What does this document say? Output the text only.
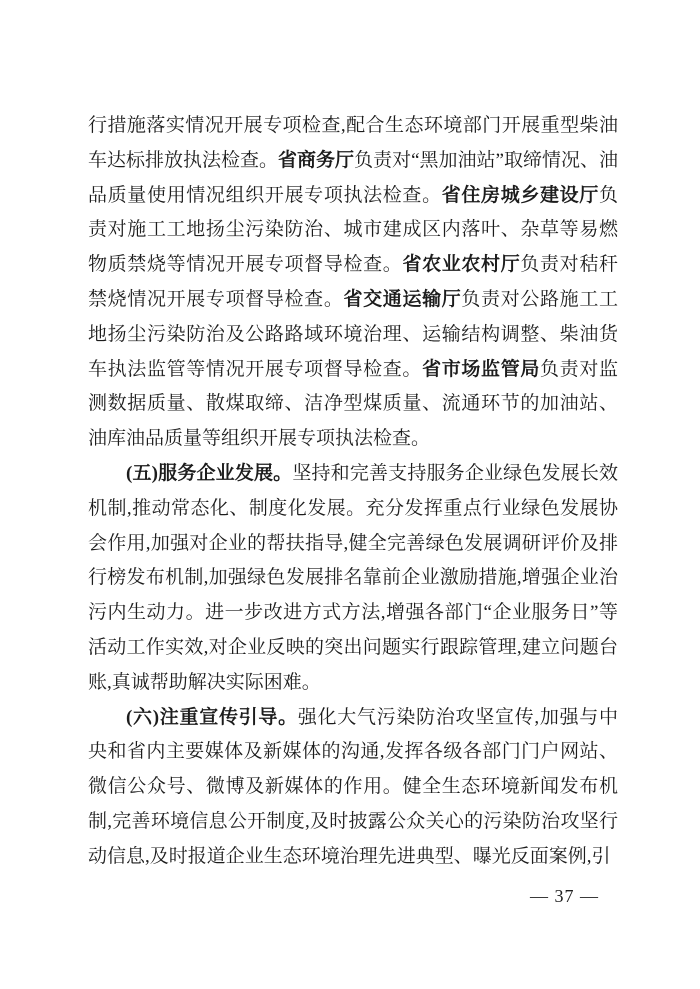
行措施落实情况开展专项检查,配合生态环境部门开展重型柴油车达标排放执法检查。省商务厅负责对“黑加油站”取缔情况、油品质量使用情况组织开展专项执法检查。省住房城乡建设厅负责对施工工地扬尘污染防治、城市建成区内落叶、杂草等易燃物质禁烧等情况开展专项督导检查。省农业农村厅负责对秸秆禁烧情况开展专项督导检查。省交通运输厅负责对公路施工工地扬尘污染防治及公路路域环境治理、运输结构调整、柴油货车执法监管等情况开展专项督导检查。省市场监管局负责对监测数据质量、散煤取缔、洁净型煤质量、流通环节的加油站、油库油品质量等组织开展专项执法检查。

(五)服务企业发展。坚持和完善支持服务企业绿色发展长效机制,推动常态化、制度化发展。充分发挥重点行业绿色发展协会作用,加强对企业的帮扶指导,健全完善绿色发展调研评价及排行榜发布机制,加强绿色发展排名靠前企业激励措施,增强企业治污内生动力。进一步改进方式方法,增强各部门“企业服务日”等活动工作实效,对企业反映的突出问题实行跟踪管理,建立问题台账,真诚帮助解决实际困难。

(六)注重宣传引导。强化大气污染防治攻坚宣传,加强与中央和省内主要媒体及新媒体的沟通,发挥各级各部门门户网站、微信公众号、微博及新媒体的作用。健全生态环境新闻发布机制,完善环境信息公开制度,及时披露公众关心的污染防治攻坚行动信息,及时报道企业生态环境治理先进典型、曝光反面案例,引

— 37 —
